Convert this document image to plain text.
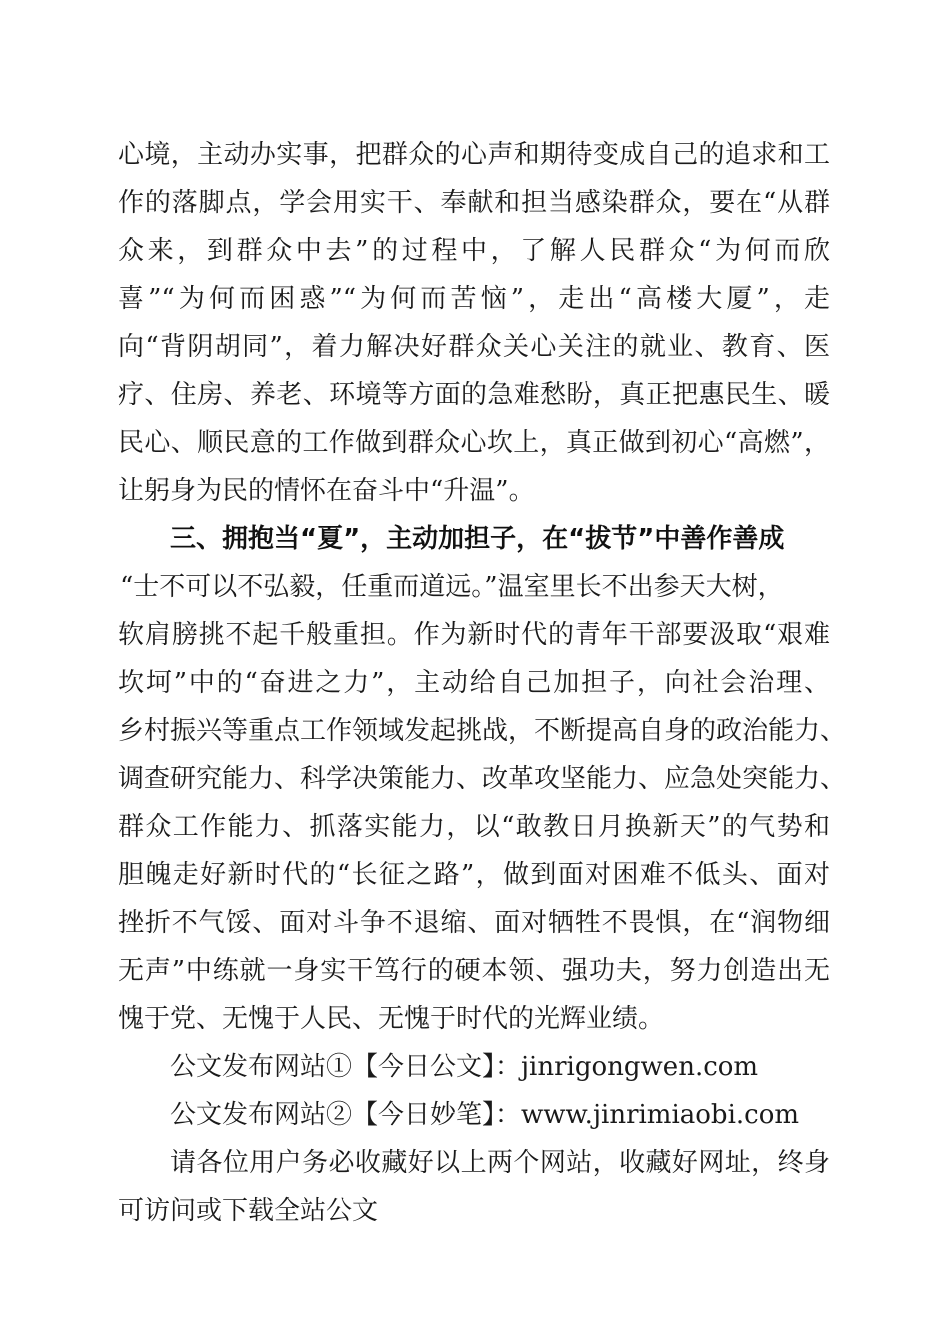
心境，主动办实事，把群众的心声和期待变成自己的追求和工
作的落脚点，学会用实干、奉献和担当感染群众，要在“从群
众来，到群众中去”的过程中，了解人民群众“为何而欣
喜”“为何而困惑”“为何而苦恼”，走出“高楼大厦”，走
向“背阴胡同”，着力解决好群众关心关注的就业、教育、医
疗、住房、养老、环境等方面的急难愁盼，真正把惠民生、暖
民心、顺民意的工作做到群众心坎上，真正做到初心“高燃”，
让躬身为民的情怀在奋斗中“升温”。
三、拥抱当“夏”，主动加担子，在“拔节”中善作善成
“士不可以不弘毅，任重而道远。”温室里长不出参天大树，
软肩膀挑不起千般重担。作为新时代的青年干部要汲取“艰难
坎坷”中的“奋进之力”，主动给自己加担子，向社会治理、
乡村振兴等重点工作领域发起挑战，不断提高自身的政治能力、
调查研究能力、科学决策能力、改革攻坚能力、应急处突能力、
群众工作能力、抓落实能力，以“敢教日月换新天”的气势和
胆魄走好新时代的“长征之路”，做到面对困难不低头、面对
挫折不气馁、面对斗争不退缩、面对牺牲不畏惧，在“润物细
无声”中练就一身实干笃行的硬本领、强功夫，努力创造出无
愧于党、无愧于人民、无愧于时代的光辉业绩。
公文发布网站①【今日公文】：jinrigongwen.com
公文发布网站②【今日妙笔】：www.jinrimiaobi.com
请各位用户务必收藏好以上两个网站，收藏好网址，终身
可访问或下载全站公文
